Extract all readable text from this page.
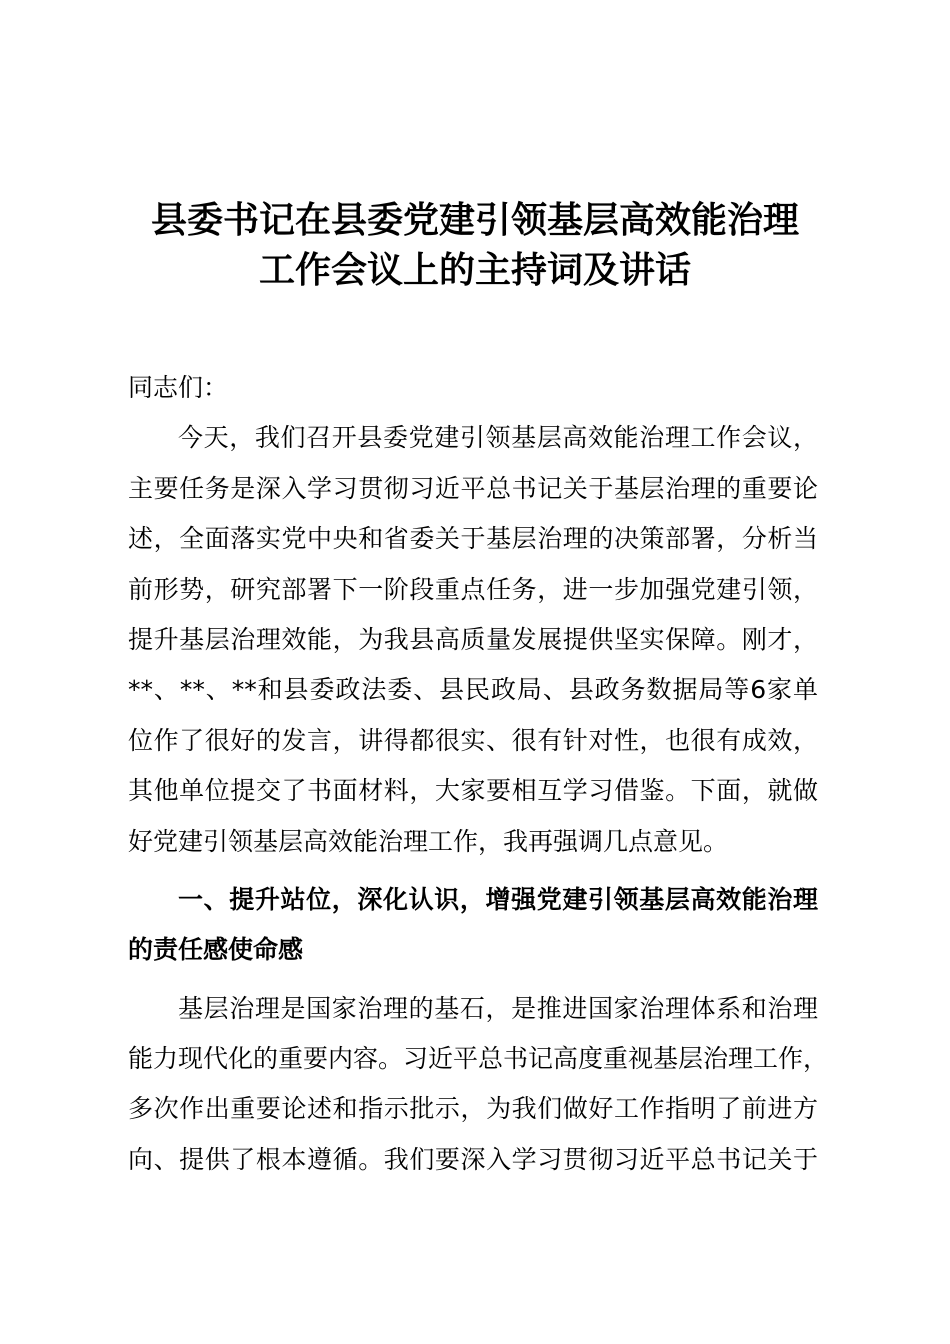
县委书记在县委党建引领基层高效能治理
工作会议上的主持词及讲话
同志们：
今天，我们召开县委党建引领基层高效能治理工作会议，
主要任务是深入学习贯彻习近平总书记关于基层治理的重要论
述，全面落实党中央和省委关于基层治理的决策部署，分析当
前形势，研究部署下一阶段重点任务，进一步加强党建引领，
提升基层治理效能，为我县高质量发展提供坚实保障。刚才，
**、**、**和县委政法委、县民政局、县政务数据局等6家单
位作了很好的发言，讲得都很实、很有针对性，也很有成效，
其他单位提交了书面材料，大家要相互学习借鉴。下面，就做
好党建引领基层高效能治理工作，我再强调几点意见。
一、提升站位，深化认识，增强党建引领基层高效能治理
的责任感使命感
基层治理是国家治理的基石，是推进国家治理体系和治理
能力现代化的重要内容。习近平总书记高度重视基层治理工作，
多次作出重要论述和指示批示，为我们做好工作指明了前进方
向、提供了根本遵循。我们要深入学习贯彻习近平总书记关于
